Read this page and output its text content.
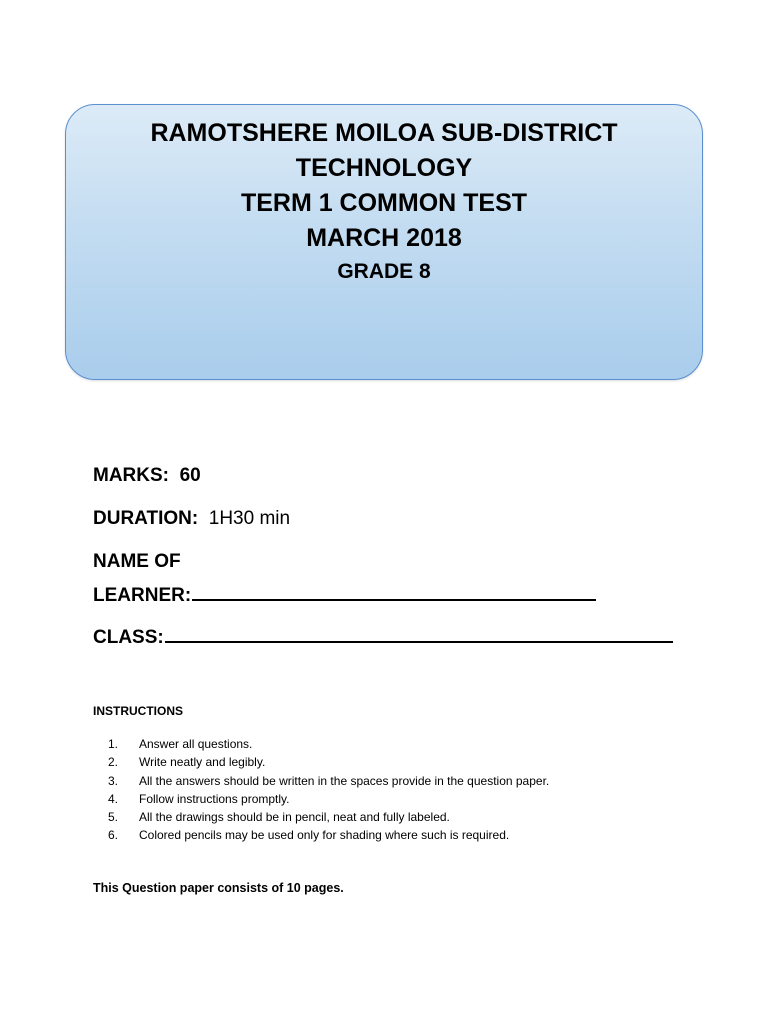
RAMOTSHERE MOILOA SUB-DISTRICT
TECHNOLOGY
TERM 1 COMMON TEST
MARCH 2018
GRADE 8
MARKS: 60
DURATION: 1H30 min
NAME OF
LEARNER:
CLASS:
INSTRUCTIONS
1. Answer all questions.
2. Write neatly and legibly.
3. All the answers should be written in the spaces provide in the question paper.
4. Follow instructions promptly.
5. All the drawings should be in pencil, neat and fully labeled.
6. Colored pencils may be used only for shading where such is required.
This Question paper consists of 10 pages.
